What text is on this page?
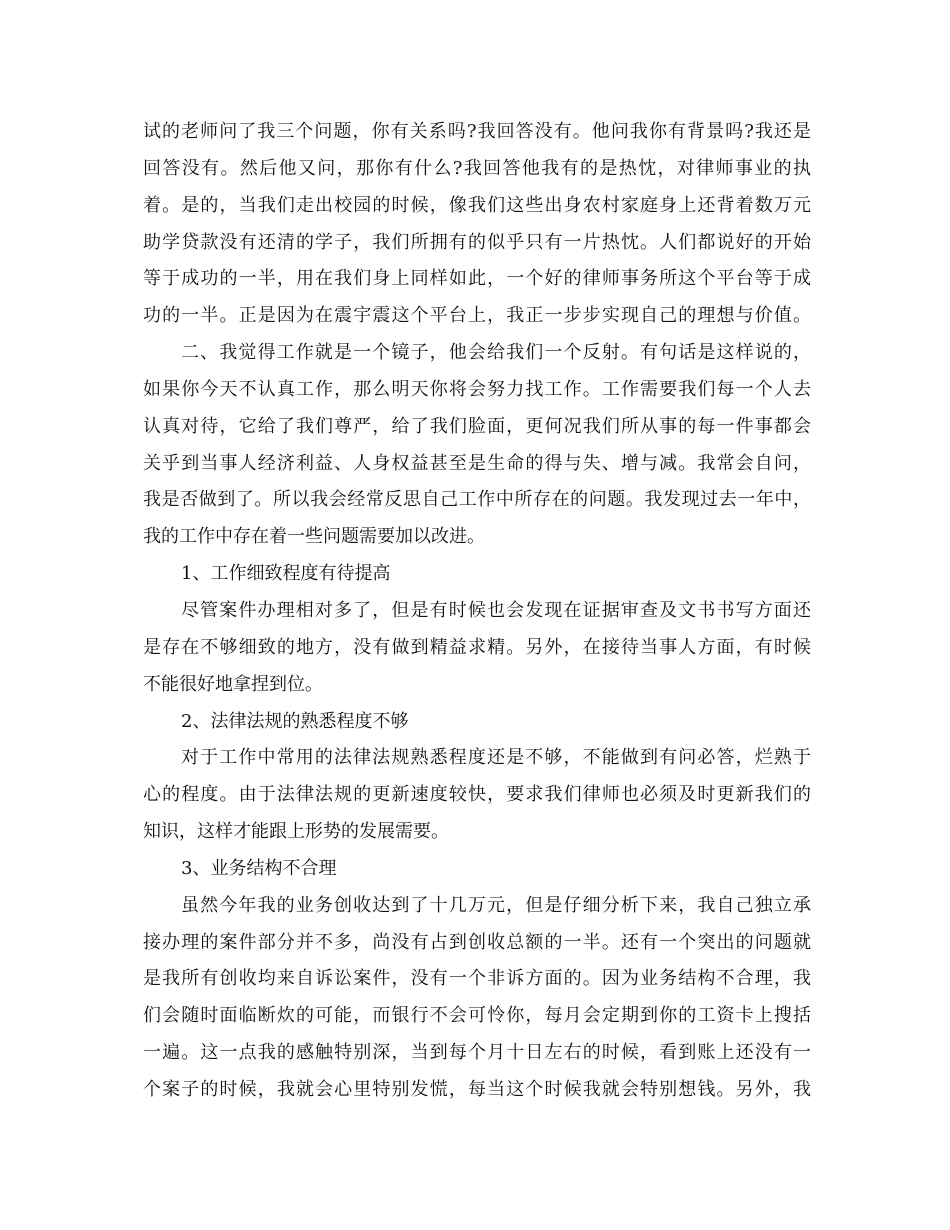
试的老师问了我三个问题，你有关系吗?我回答没有。他问我你有背景吗?我还是
回答没有。然后他又问，那你有什么?我回答他我有的是热忱，对律师事业的执
着。是的，当我们走出校园的时候，像我们这些出身农村家庭身上还背着数万元
助学贷款没有还清的学子，我们所拥有的似乎只有一片热忱。人们都说好的开始
等于成功的一半，用在我们身上同样如此，一个好的律师事务所这个平台等于成
功的一半。正是因为在震宇震这个平台上，我正一步步实现自己的理想与价值。
二、我觉得工作就是一个镜子，他会给我们一个反射。有句话是这样说的，
如果你今天不认真工作，那么明天你将会努力找工作。工作需要我们每一个人去
认真对待，它给了我们尊严，给了我们脸面，更何况我们所从事的每一件事都会
关乎到当事人经济利益、人身权益甚至是生命的得与失、增与减。我常会自问，
我是否做到了。所以我会经常反思自己工作中所存在的问题。我发现过去一年中，
我的工作中存在着一些问题需要加以改进。
1、工作细致程度有待提高
尽管案件办理相对多了，但是有时候也会发现在证据审查及文书书写方面还
是存在不够细致的地方，没有做到精益求精。另外，在接待当事人方面，有时候
不能很好地拿捏到位。
2、法律法规的熟悉程度不够
对于工作中常用的法律法规熟悉程度还是不够，不能做到有问必答，烂熟于
心的程度。由于法律法规的更新速度较快，要求我们律师也必须及时更新我们的
知识，这样才能跟上形势的发展需要。
3、业务结构不合理
虽然今年我的业务创收达到了十几万元，但是仔细分析下来，我自己独立承
接办理的案件部分并不多，尚没有占到创收总额的一半。还有一个突出的问题就
是我所有创收均来自诉讼案件，没有一个非诉方面的。因为业务结构不合理，我
们会随时面临断炊的可能，而银行不会可怜你，每月会定期到你的工资卡上搜括
一遍。这一点我的感触特别深，当到每个月十日左右的时候，看到账上还没有一
个案子的时候，我就会心里特别发慌，每当这个时候我就会特别想钱。另外，我
